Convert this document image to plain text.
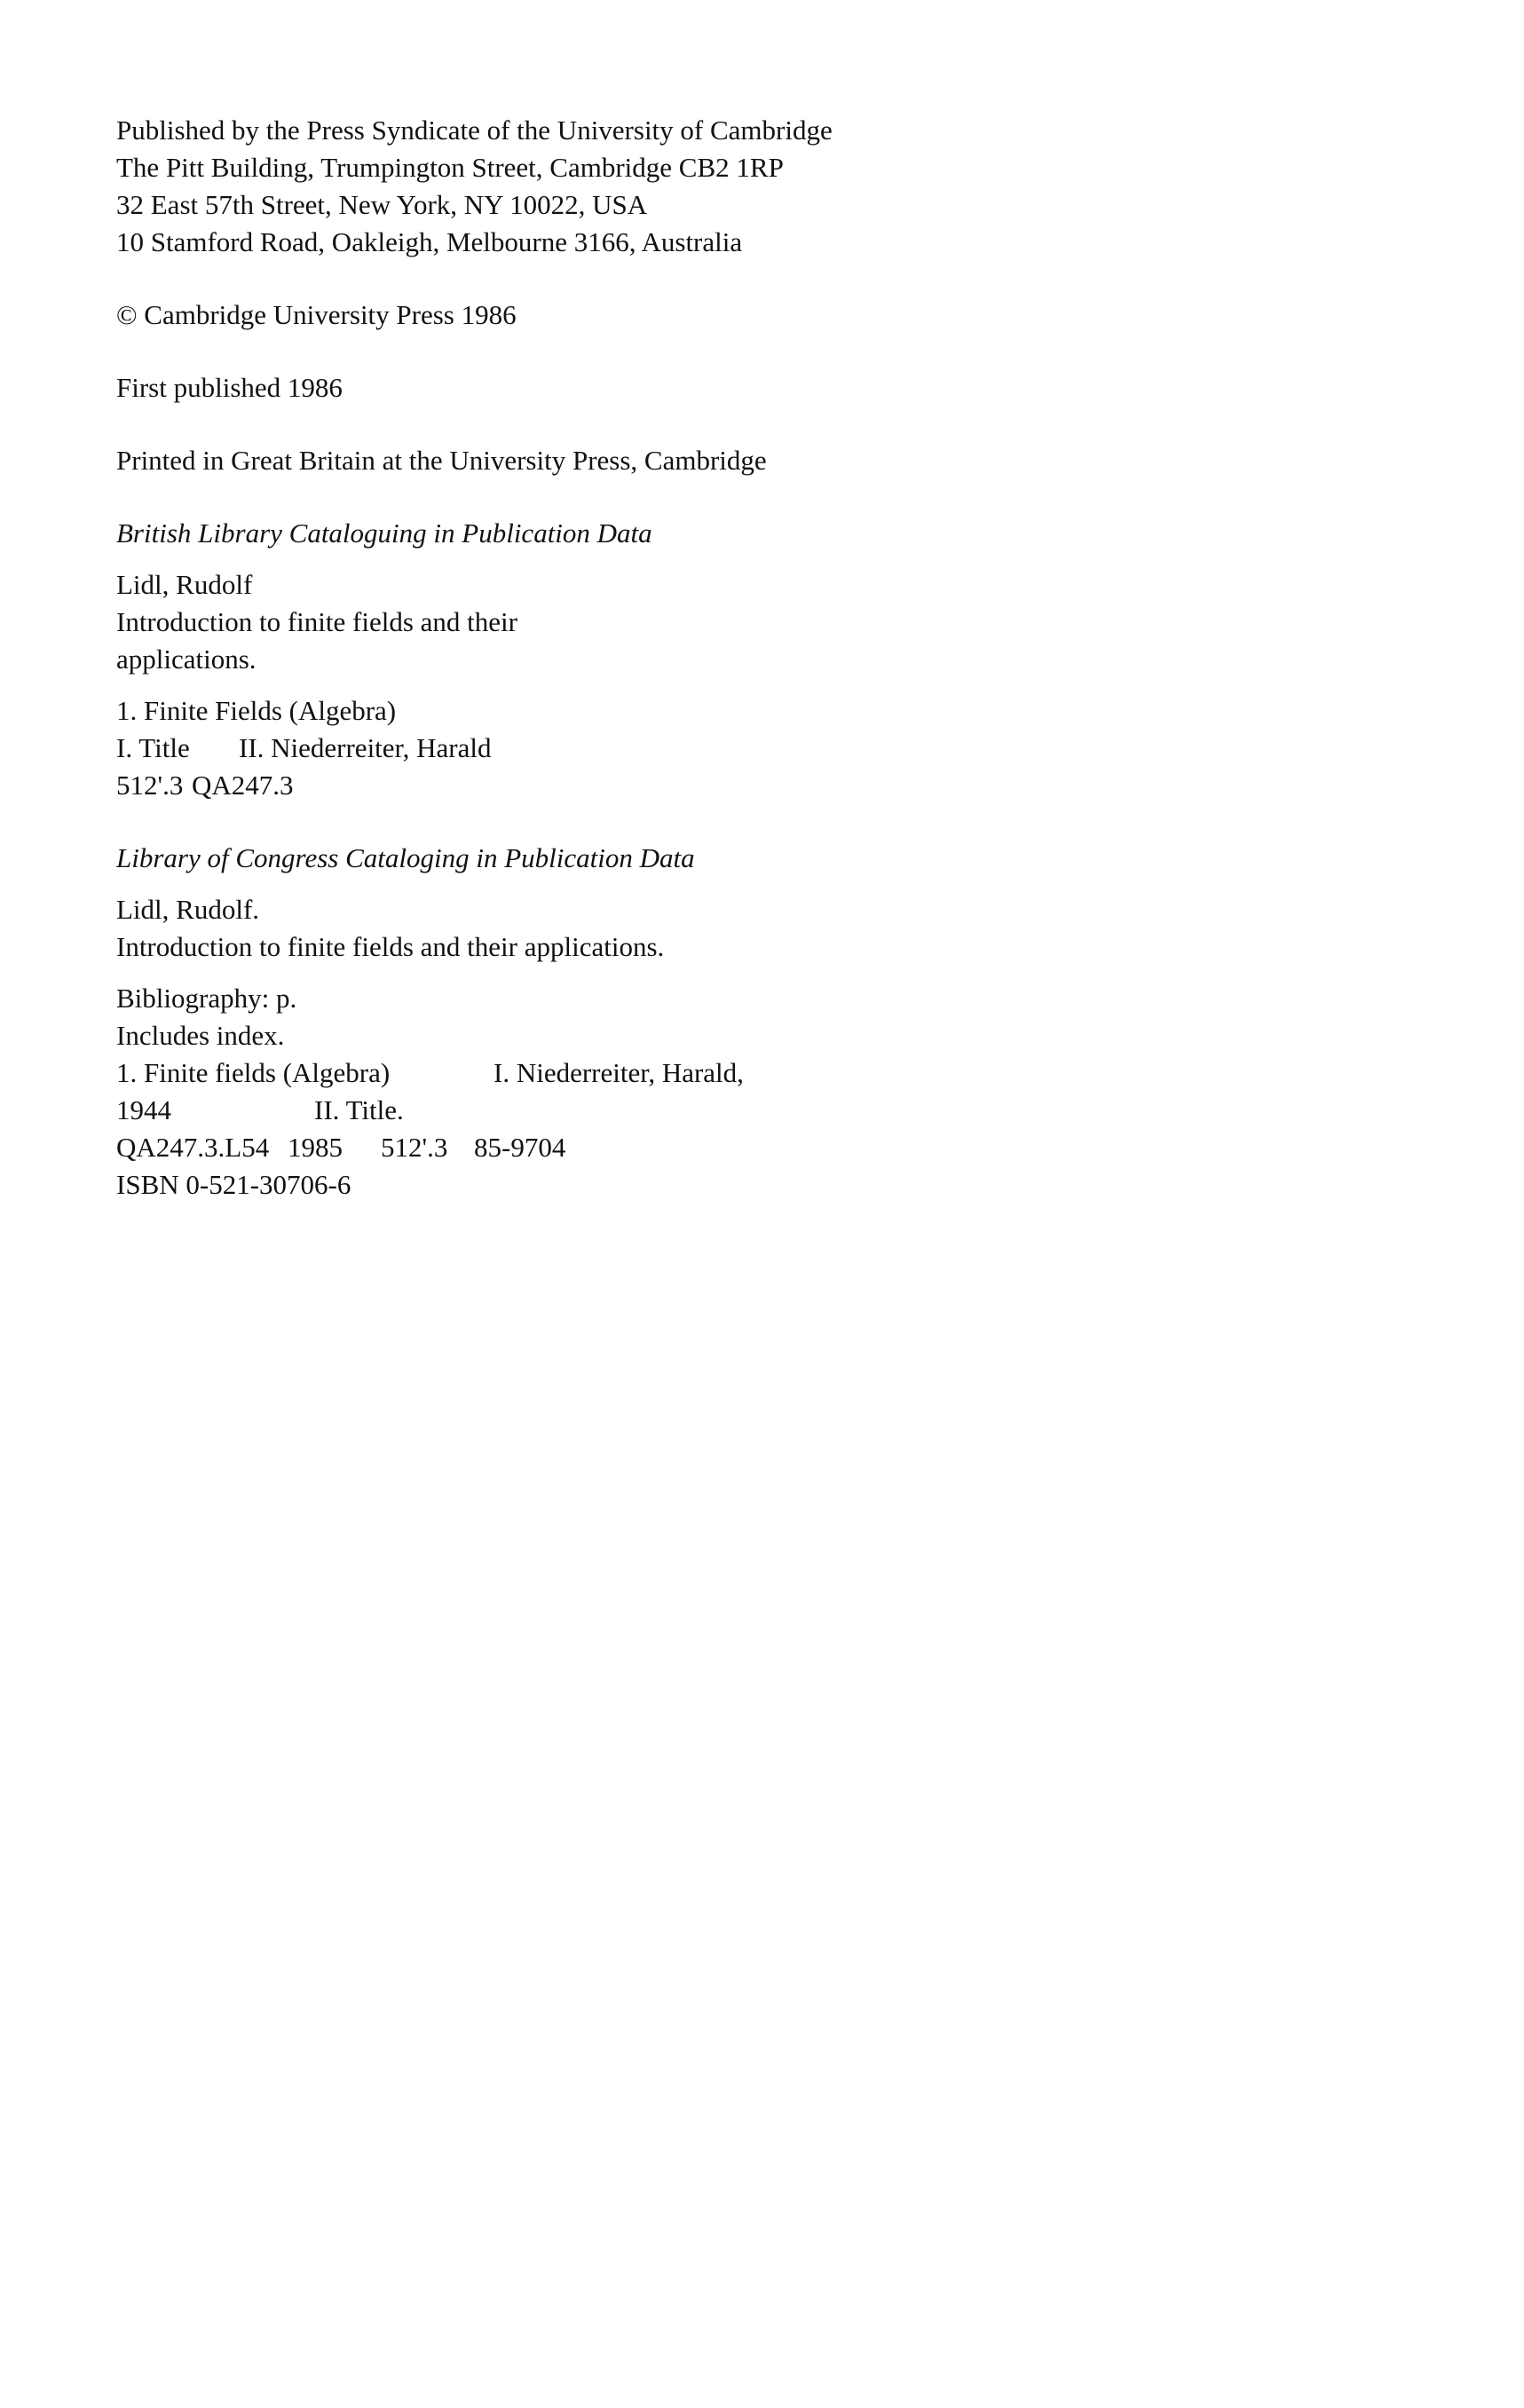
Published by the Press Syndicate of the University of Cambridge

The Pitt Building, Trumpington Street, Cambridge CB2 1RP

32 East 57th Street, New York, NY 10022, USA

10 Stamford Road, Oakleigh, Melbourne 3166, Australia

© Cambridge University Press 1986

First published 1986

Printed in Great Britain at the University Press, Cambridge

British Library Cataloguing in Publication Data

Lidl, Rudolf

Introduction to finite fields and their

applications.

1. Finite Fields (Algebra)

I. Title II. Niederreiter, Harald

512'.3 QA247.3

Library of Congress Cataloging in Publication Data

Lidl, Rudolf.

Introduction to finite fields and their applications.

Bibliography: p.

Includes index.

1. Finite fields (Algebra)	I. Niederreiter, Harald,

1944	II. Title.

QA247.3.L54 1985 512'.3 85-9704

ISBN 0-521-30706-6
